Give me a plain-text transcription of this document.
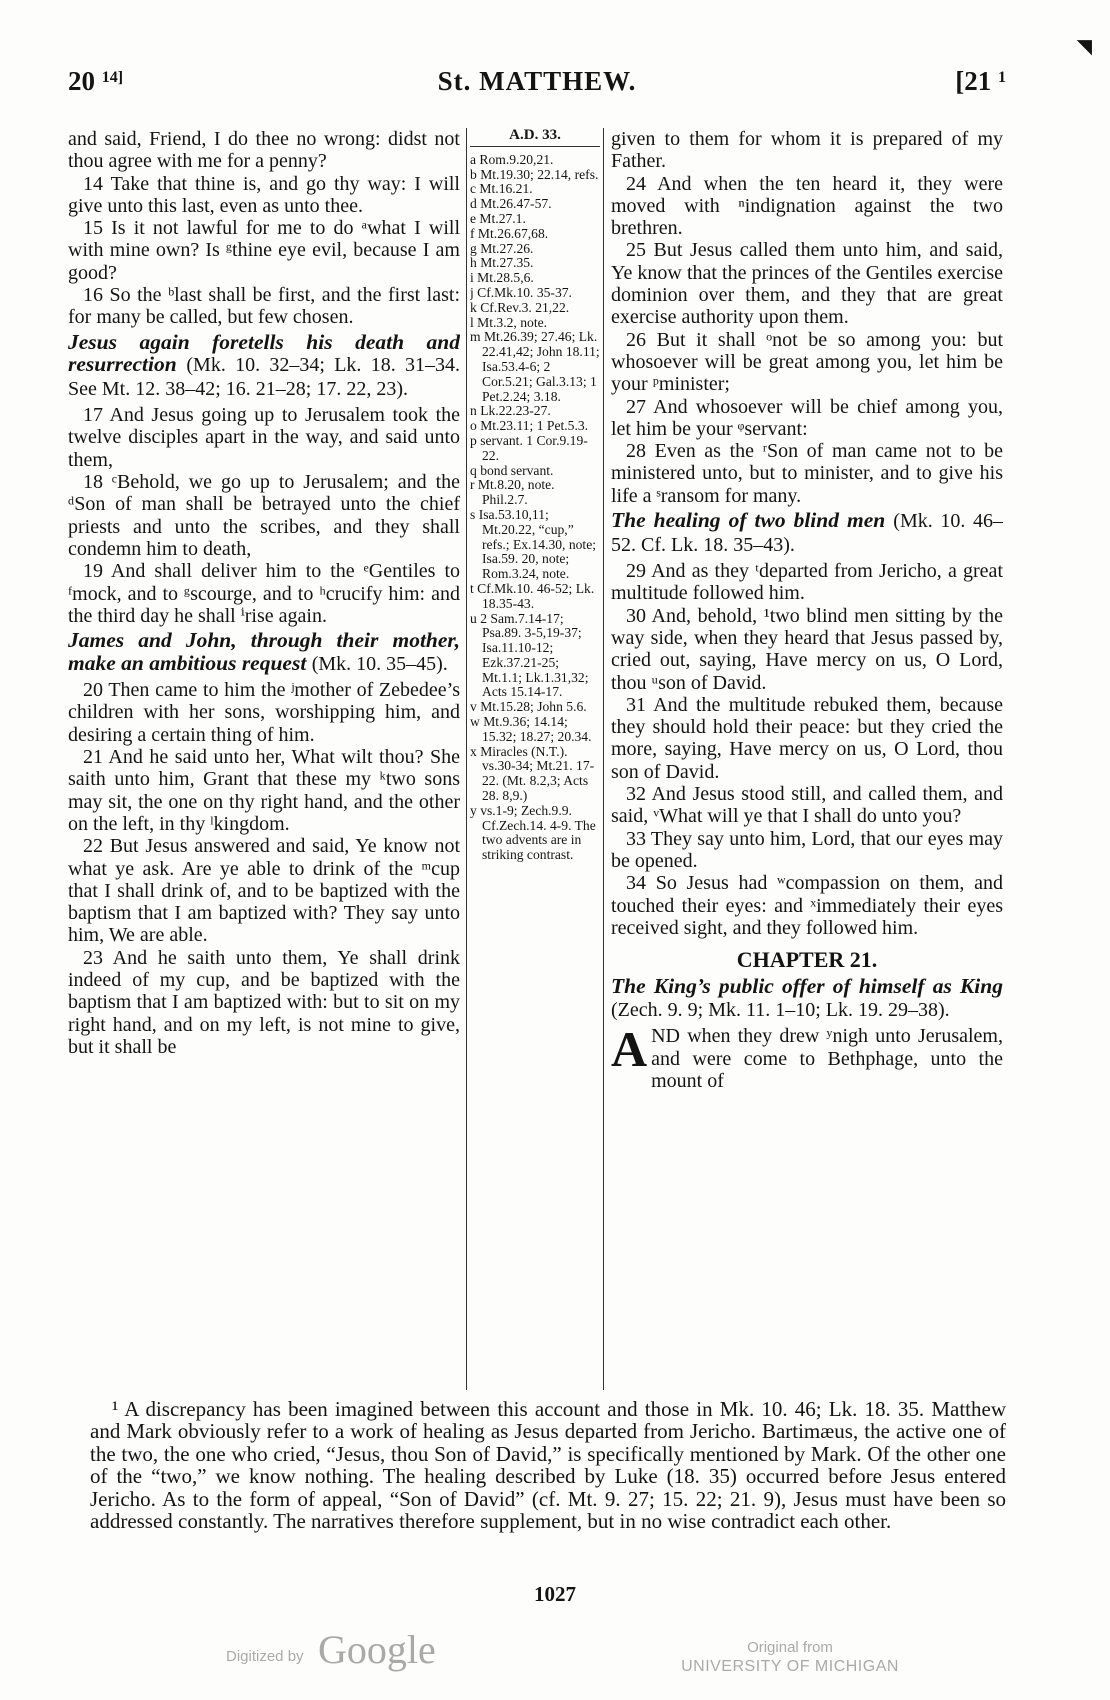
◥
20 $^{14]}$	St. MATTHEW.	[21 $^1$

and said, Friend, I do thee no wrong: didst not thou agree with me for a penny?

14 Take that thine is, and go thy way: I will give unto this last, even as unto thee.

15 Is it not lawful for me to do ᵃwhat I will with mine own? Is ᵍthine eye evil, because I am good?

16 So the ᵇlast shall be first, and the first last: for many be called, but few chosen.

Jesus again foretells his death and resurrection (Mk. 10. 32–34; Lk. 18. 31–34. See Mt. 12. 38–42; 16. 21–28; 17. 22, 23).

17 And Jesus going up to Jerusalem took the twelve disciples apart in the way, and said unto them,

18 ᶜBehold, we go up to Jerusalem; and the ᵈSon of man shall be betrayed unto the chief priests and unto the scribes, and they shall condemn him to death,

19 And shall deliver him to the ᵉGentiles to ᶠmock, and to ᵍscourge, and to ʰcrucify him: and the third day he shall ⁱrise again.

James and John, through their mother, make an ambitious request (Mk. 10. 35–45).

20 Then came to him the ʲmother of Zebedee’s children with her sons, worshipping him, and desiring a certain thing of him.

21 And he said unto her, What wilt thou? She saith unto him, Grant that these my ᵏtwo sons may sit, the one on thy right hand, and the other on the left, in thy ˡkingdom.

22 But Jesus answered and said, Ye know not what ye ask. Are ye able to drink of the ᵐcup that I shall drink of, and to be baptized with the baptism that I am baptized with? They say unto him, We are able.

23 And he saith unto them, Ye shall drink indeed of my cup, and be baptized with the baptism that I am baptized with: but to sit on my right hand, and on my left, is not mine to give, but it shall be

A.D. 33.
a Rom.9.20,21.
b Mt.19.30; 22.14, refs.
c Mt.16.21.
d Mt.26.47-57.
e Mt.27.1.
f Mt.26.67,68.
g Mt.27.26.
h Mt.27.35.
i Mt.28.5,6.
j Cf.Mk.10. 35-37.
k Cf.Rev.3. 21,22.
l Mt.3.2, note.
m Mt.26.39; 27.46; Lk. 22.41,42; John 18.11; Isa.53.4-6; 2 Cor.5.21; Gal.3.13; 1 Pet.2.24; 3.18.
n Lk.22.23-27.
o Mt.23.11; 1 Pet.5.3.
p servant. 1 Cor.9.19-22.
q bond servant.
r Mt.8.20, note. Phil.2.7.
s Isa.53.10,11; Mt.20.22, “cup,” refs.; Ex.14.30, note; Isa.59. 20, note; Rom.3.24, note.
t Cf.Mk.10. 46-52; Lk. 18.35-43.
u 2 Sam.7.14-17; Psa.89. 3-5,19-37; Isa.11.10-12; Ezk.37.21-25; Mt.1.1; Lk.1.31,32; Acts 15.14-17.
v Mt.15.28; John 5.6.
w Mt.9.36; 14.14; 15.32; 18.27; 20.34.
x Miracles (N.T.). vs.30-34; Mt.21. 17-22. (Mt. 8.2,3; Acts 28. 8,9.)
y vs.1-9; Zech.9.9. Cf.Zech.14. 4-9. The two advents are in striking contrast.

given to them for whom it is prepared of my Father.

24 And when the ten heard it, they were moved with ⁿindignation against the two brethren.

25 But Jesus called them unto him, and said, Ye know that the princes of the Gentiles exercise dominion over them, and they that are great exercise authority upon them.

26 But it shall ᵒnot be so among you: but whosoever will be great among you, let him be your ᵖminister;

27 And whosoever will be chief among you, let him be your ᵠservant:

28 Even as the ʳSon of man came not to be ministered unto, but to minister, and to give his life a ˢransom for many.

The healing of two blind men (Mk. 10. 46–52. Cf. Lk. 18. 35–43).

29 And as they ᵗdeparted from Jericho, a great multitude followed him.

30 And, behold, ¹two blind men sitting by the way side, when they heard that Jesus passed by, cried out, saying, Have mercy on us, O Lord, thou ᵘson of David.

31 And the multitude rebuked them, because they should hold their peace: but they cried the more, saying, Have mercy on us, O Lord, thou son of David.

32 And Jesus stood still, and called them, and said, ᵛWhat will ye that I shall do unto you?

33 They say unto him, Lord, that our eyes may be opened.

34 So Jesus had ʷcompassion on them, and touched their eyes: and ˣimmediately their eyes received sight, and they followed him.

CHAPTER 21.

The King’s public offer of himself as King (Zech. 9. 9; Mk. 11. 1–10; Lk. 19. 29–38).

AND when they drew ʸnigh unto Jerusalem, and were come to Bethphage, unto the mount of

¹ A discrepancy has been imagined between this account and those in Mk. 10. 46; Lk. 18. 35. Matthew and Mark obviously refer to a work of healing as Jesus departed from Jericho. Bartimæus, the active one of the two, the one who cried, “Jesus, thou Son of David,” is specifically mentioned by Mark. Of the other one of the “two,” we know nothing. The healing described by Luke (18. 35) occurred before Jesus entered Jericho. As to the form of appeal, “Son of David” (cf. Mt. 9. 27; 15. 22; 21. 9), Jesus must have been so addressed constantly. The narratives therefore supplement, but in no wise contradict each other.

1027
Digitized by Google	Original from
UNIVERSITY OF MICHIGAN
